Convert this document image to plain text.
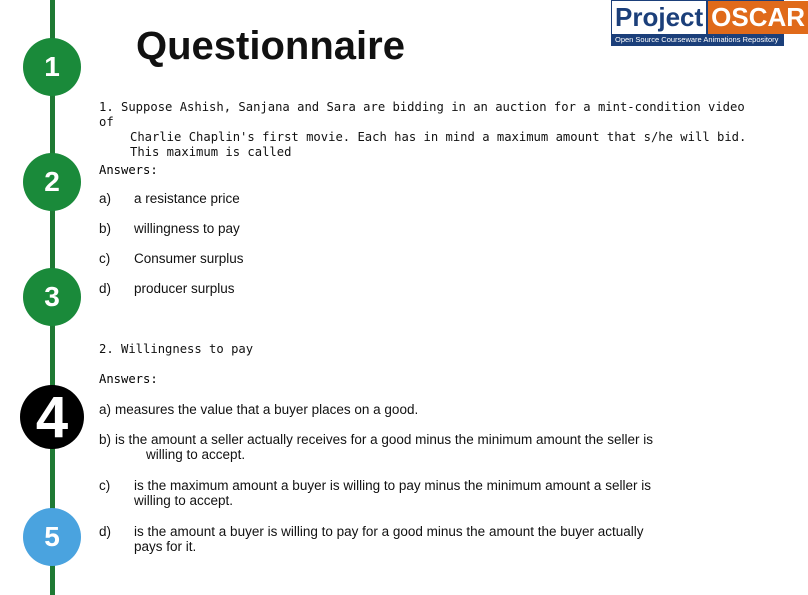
1
2
3
4
5
Questionnaire
Project OSCAR
Open Source Courseware Animations Repository
1. Suppose Ashish, Sanjana and Sara are bidding in an auction for a mint-condition video of
Charlie Chaplin's first movie. Each has in mind a maximum amount that s/he will bid.
This maximum is called
Answers:
a)	a resistance price
b)	willingness to pay
c)	Consumer surplus
d)	producer surplus
2. Willingness to pay
Answers:
a) measures the value that a buyer places on a good.
b) is the amount a seller actually receives for a good minus the minimum amount the seller is
willing to accept.
c)	is the maximum amount a buyer is willing to pay minus the minimum amount a seller is
willing to accept.
d)	is the amount a buyer is willing to pay for a good minus the amount the buyer actually
pays for it.
